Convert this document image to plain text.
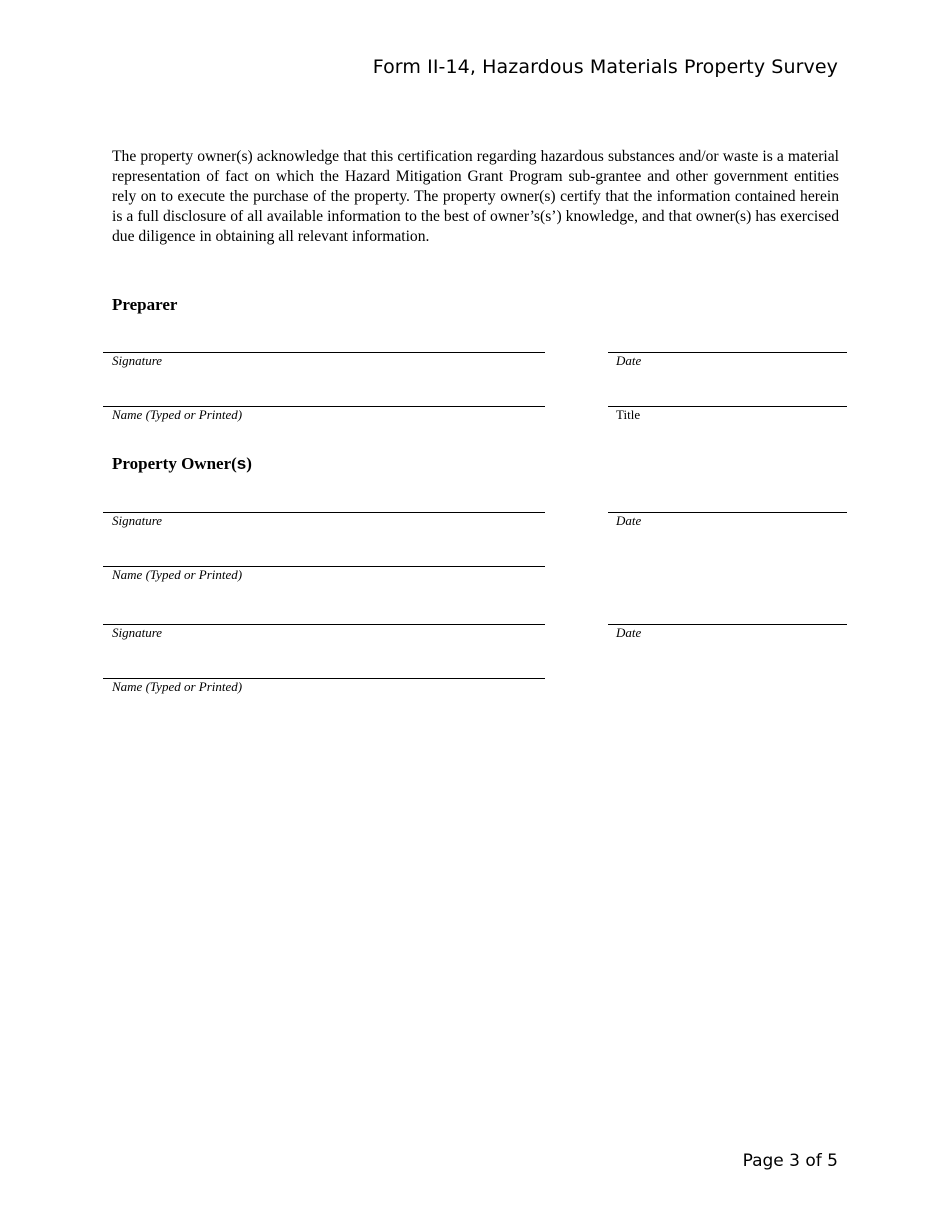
Form II-14, Hazardous Materials Property Survey
The property owner(s) acknowledge that this certification regarding hazardous substances and/or waste is a material representation of fact on which the Hazard Mitigation Grant Program sub-grantee and other government entities rely on to execute the purchase of the property. The property owner(s) certify that the information contained herein is a full disclosure of all available information to the best of owner’s(s’) knowledge, and that owner(s) has exercised due diligence in obtaining all relevant information.
Preparer
Signature	Date
Name (Typed or Printed)	Title
Property Owner(s)
Signature	Date
Name (Typed or Printed)
Signature	Date
Name (Typed or Printed)
Page 3 of 5
